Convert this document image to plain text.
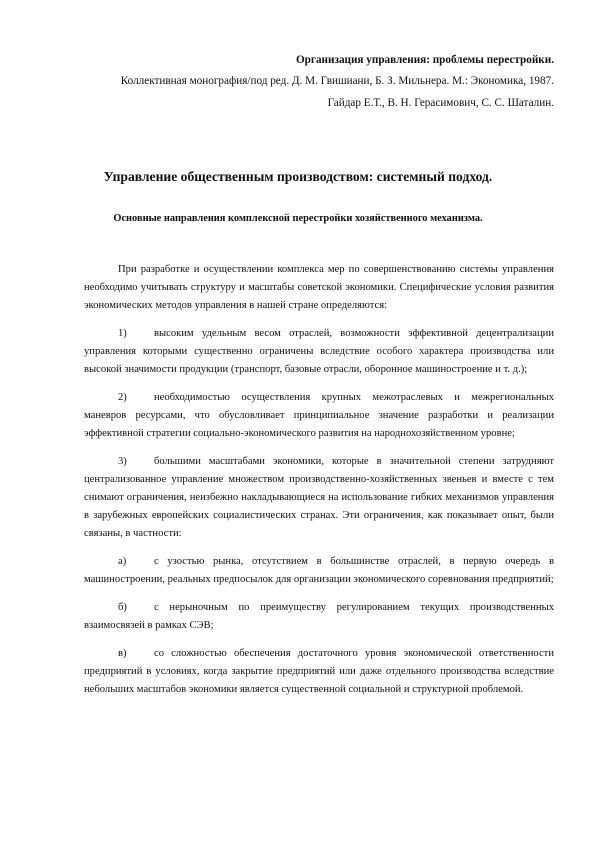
Организация управления: проблемы перестройки.
Коллективная монография/под ред. Д. М. Гвишиани, Б. З. Мильнера. М.: Экономика, 1987.
Гайдар Е.Т., В. Н. Герасимович, С. С. Шаталин.
Управление общественным производством: системный подход.
Основные направления комплексной перестройки хозяйственного механизма.

При разработке и осуществлении комплекса мер по совершенствованию системы управления необходимо учитывать структуру и масштабы советской экономики. Специфические условия развития экономических методов управления в нашей стране определяются:

1)	высоким удельным весом отраслей, возможности эффективной децентрализации управления которыми существенно ограничены вследствие особого характера производства или высокой значимости продукции (транспорт, базовые отрасли, оборонное машиностроение и т. д.);

2)	необходимостью осуществления крупных межотраслевых и межрегиональных маневров ресурсами, что обусловливает принципиальное значение разработки и реализации эффективной стратегии социально-экономического развития на народнохозяйственном уровне;

3)	большими масштабами экономики, которые в значительной степени затрудняют централизованное управление множеством производственно-хозяйственных звеньев и вместе с тем снимают ограничения, неизбежно накладывающиеся на использование гибких механизмов управления в зарубежных европейских социалистических странах. Эти ограничения, как показывает опыт, были связаны, в частности:

а)	с узостью рынка, отсутствием в большинстве отраслей, в первую очередь в машиностроении, реальных предпосылок для организации экономического соревнования предприятий;

б)	с нерыночным по преимуществу регулированием текущих производственных взаимосвязей в рамках СЭВ;

в)	со сложностью обеспечения достаточного уровня экономической ответственности предприятий в условиях, когда закрытие предприятий или даже отдельного производства вследствие небольших масштабов экономики является существенной социальной и структурной проблемой.
